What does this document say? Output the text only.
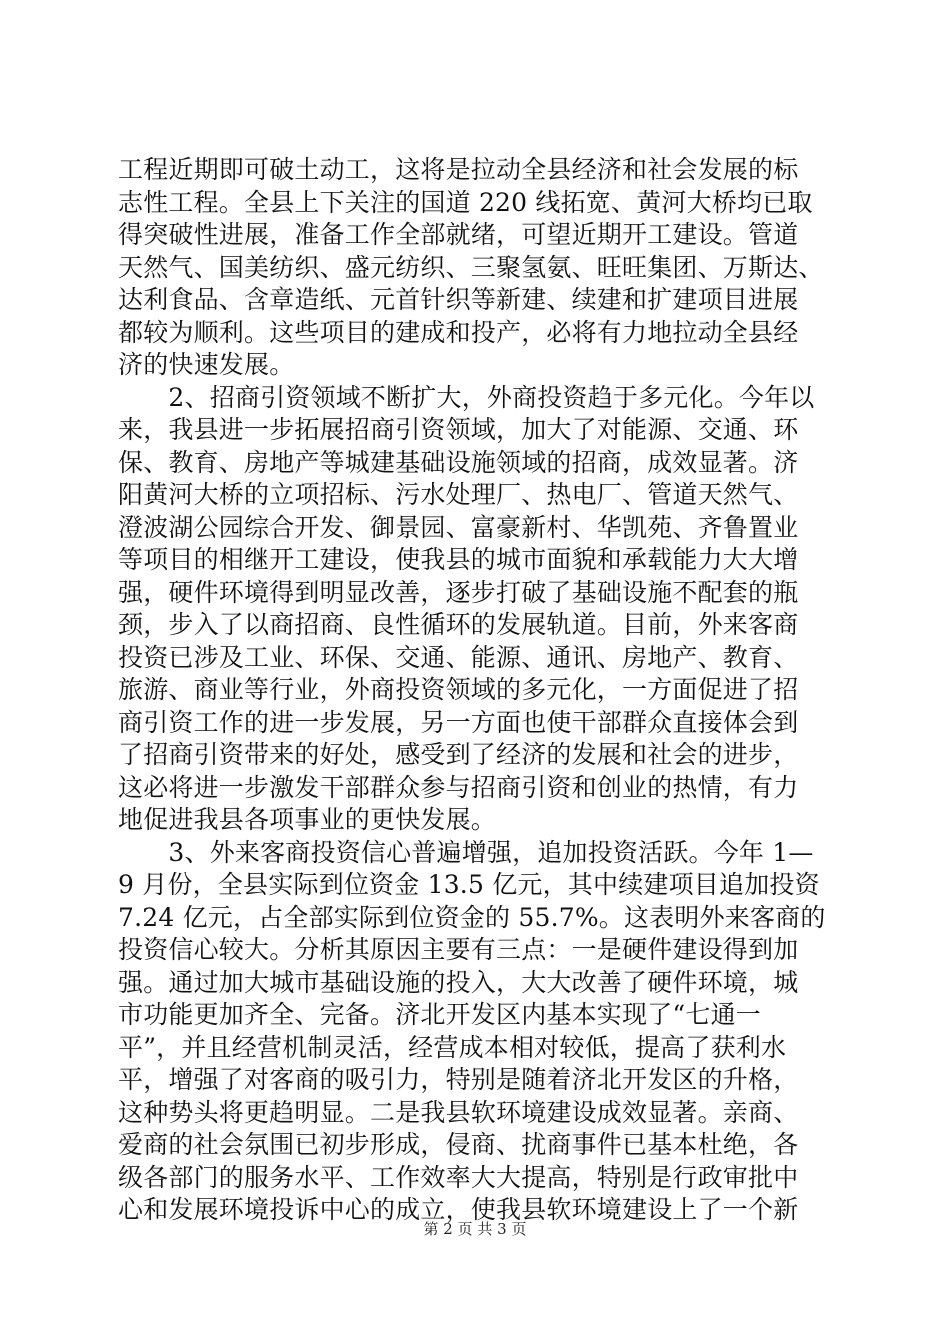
工程近期即可破土动工，这将是拉动全县经济和社会发展的标
志性工程。全县上下关注的国道 220 线拓宽、黄河大桥均已取
得突破性进展，准备工作全部就绪，可望近期开工建设。管道
天然气、国美纺织、盛元纺织、三聚氢氨、旺旺集团、万斯达、
达利食品、含章造纸、元首针织等新建、续建和扩建项目进展
都较为顺利。这些项目的建成和投产，必将有力地拉动全县经
济的快速发展。
　　2、招商引资领域不断扩大，外商投资趋于多元化。今年以
来，我县进一步拓展招商引资领域，加大了对能源、交通、环
保、教育、房地产等城建基础设施领域的招商，成效显著。济
阳黄河大桥的立项招标、污水处理厂、热电厂、管道天然气、
澄波湖公园综合开发、御景园、富豪新村、华凯苑、齐鲁置业
等项目的相继开工建设，使我县的城市面貌和承载能力大大增
强，硬件环境得到明显改善，逐步打破了基础设施不配套的瓶
颈，步入了以商招商、良性循环的发展轨道。目前，外来客商
投资已涉及工业、环保、交通、能源、通讯、房地产、教育、
旅游、商业等行业，外商投资领域的多元化，一方面促进了招
商引资工作的进一步发展，另一方面也使干部群众直接体会到
了招商引资带来的好处，感受到了经济的发展和社会的进步，
这必将进一步激发干部群众参与招商引资和创业的热情，有力
地促进我县各项事业的更快发展。
　　3、外来客商投资信心普遍增强，追加投资活跃。今年 1—
9 月份，全县实际到位资金 13.5 亿元，其中续建项目追加投资
7.24 亿元，占全部实际到位资金的 55.7%。这表明外来客商的
投资信心较大。分析其原因主要有三点：一是硬件建设得到加
强。通过加大城市基础设施的投入，大大改善了硬件环境，城
市功能更加齐全、完备。济北开发区内基本实现了“七通一
平”，并且经营机制灵活，经营成本相对较低，提高了获利水
平，增强了对客商的吸引力，特别是随着济北开发区的升格，
这种势头将更趋明显。二是我县软环境建设成效显著。亲商、
爱商的社会氛围已初步形成，侵商、扰商事件已基本杜绝，各
级各部门的服务水平、工作效率大大提高，特别是行政审批中
心和发展环境投诉中心的成立，使我县软环境建设上了一个新
第 2 页 共 3 页
